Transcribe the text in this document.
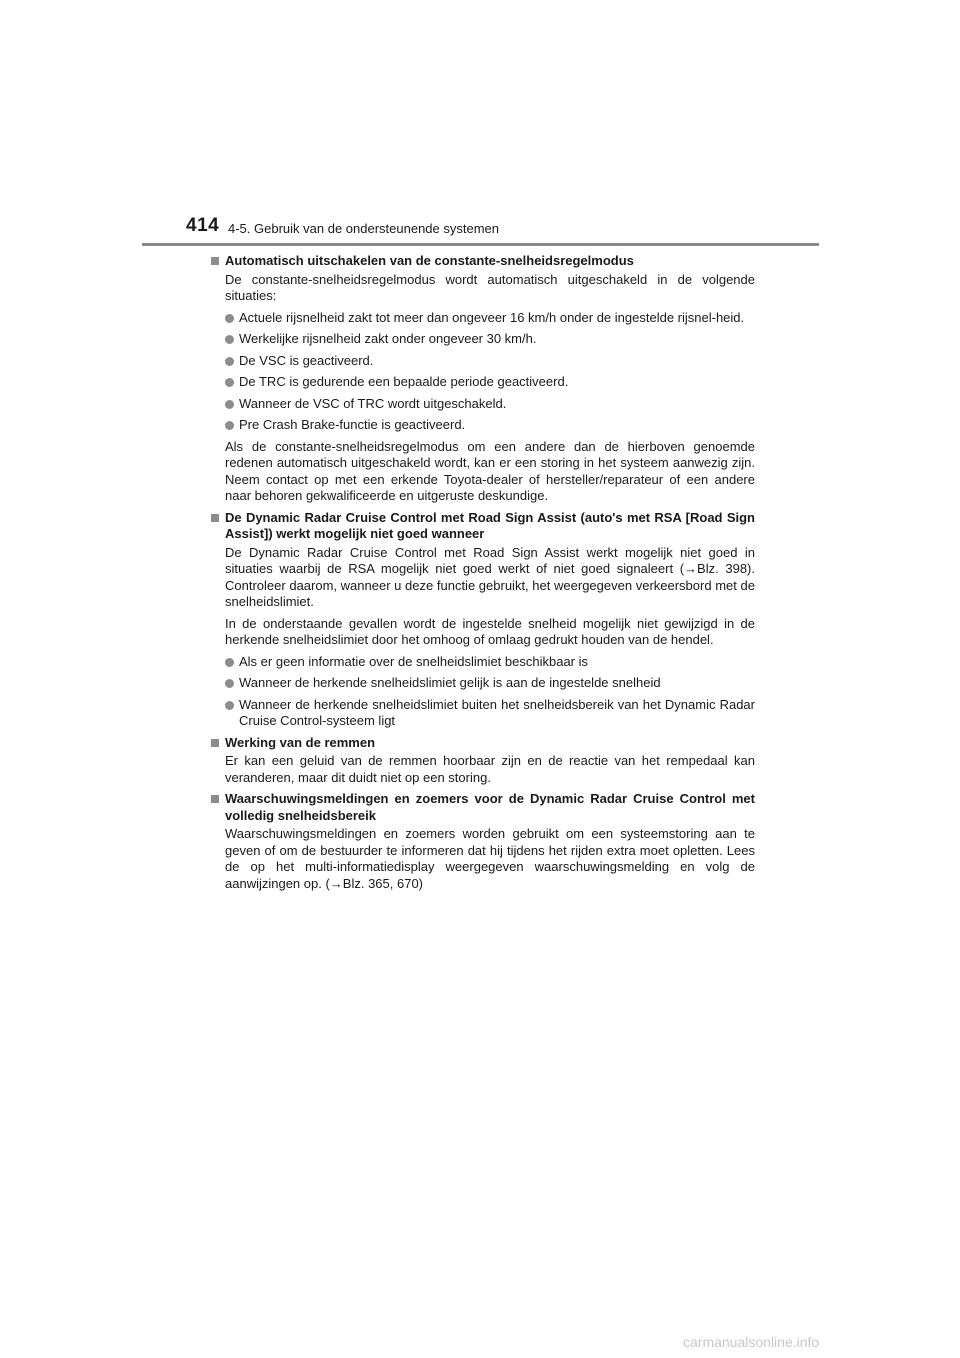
414 4-5. Gebruik van de ondersteunende systemen
Automatisch uitschakelen van de constante-snelheidsregelmodus
De constante-snelheidsregelmodus wordt automatisch uitgeschakeld in de volgende situaties:
Actuele rijsnelheid zakt tot meer dan ongeveer 16 km/h onder de ingestelde rijsnel-heid.
Werkelijke rijsnelheid zakt onder ongeveer 30 km/h.
De VSC is geactiveerd.
De TRC is gedurende een bepaalde periode geactiveerd.
Wanneer de VSC of TRC wordt uitgeschakeld.
Pre Crash Brake-functie is geactiveerd.
Als de constante-snelheidsregelmodus om een andere dan de hierboven genoemde redenen automatisch uitgeschakeld wordt, kan er een storing in het systeem aanwezig zijn. Neem contact op met een erkende Toyota-dealer of hersteller/reparateur of een andere naar behoren gekwalificeerde en uitgeruste deskundige.
De Dynamic Radar Cruise Control met Road Sign Assist (auto's met RSA [Road Sign Assist]) werkt mogelijk niet goed wanneer
De Dynamic Radar Cruise Control met Road Sign Assist werkt mogelijk niet goed in situaties waarbij de RSA mogelijk niet goed werkt of niet goed signaleert (→Blz. 398). Controleer daarom, wanneer u deze functie gebruikt, het weergegeven verkeersbord met de snelheidslimiet.
In de onderstaande gevallen wordt de ingestelde snelheid mogelijk niet gewijzigd in de herkende snelheidslimiet door het omhoog of omlaag gedrukt houden van de hendel.
Als er geen informatie over de snelheidslimiet beschikbaar is
Wanneer de herkende snelheidslimiet gelijk is aan de ingestelde snelheid
Wanneer de herkende snelheidslimiet buiten het snelheidsbereik van het Dynamic Radar Cruise Control-systeem ligt
Werking van de remmen
Er kan een geluid van de remmen hoorbaar zijn en de reactie van het rempedaal kan veranderen, maar dit duidt niet op een storing.
Waarschuwingsmeldingen en zoemers voor de Dynamic Radar Cruise Control met volledig snelheidsbereik
Waarschuwingsmeldingen en zoemers worden gebruikt om een systeemstoring aan te geven of om de bestuurder te informeren dat hij tijdens het rijden extra moet opletten. Lees de op het multi-informatiedisplay weergegeven waarschuwingsmelding en volg de aanwijzingen op. (→Blz. 365, 670)
carmanualsonline.info
